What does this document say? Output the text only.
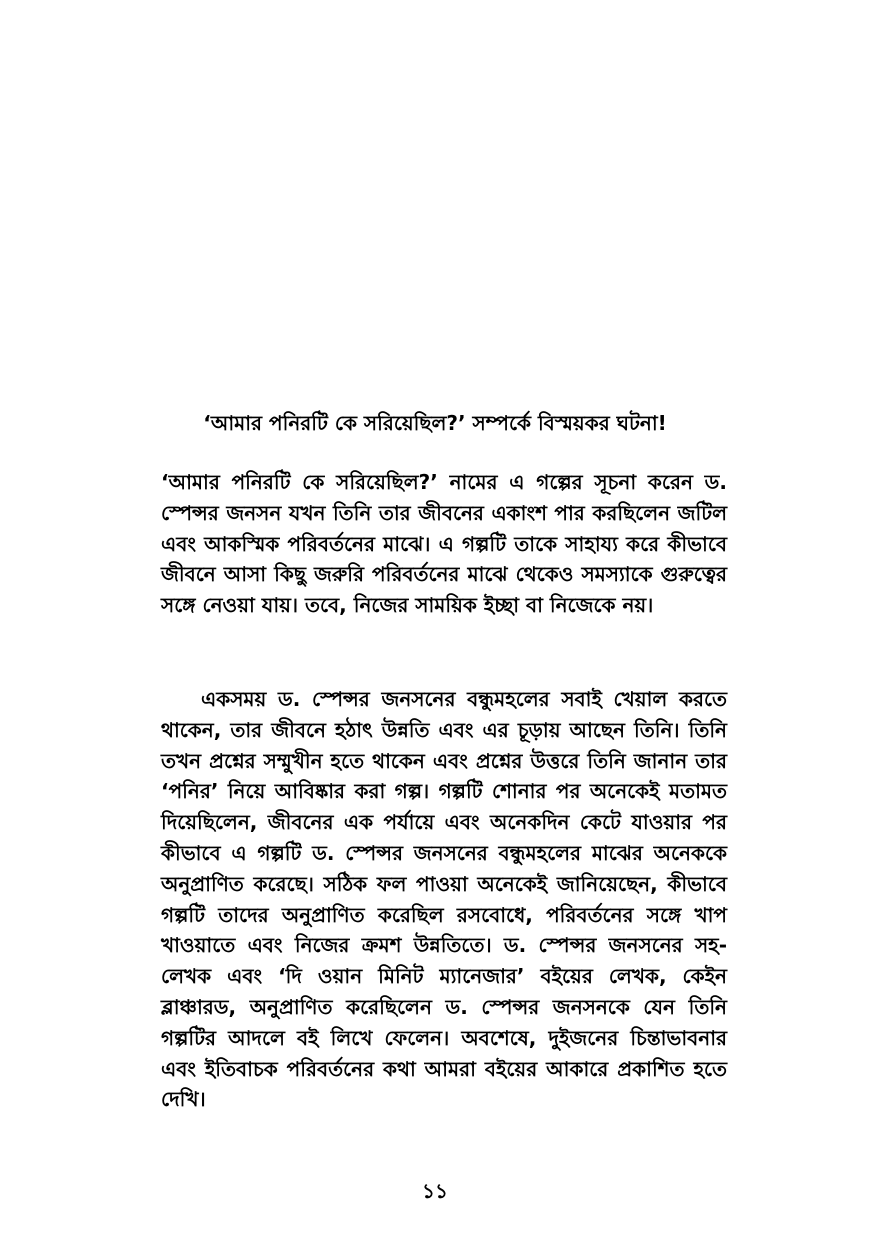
‘আমার পনিরটি কে সরিয়েছিল?’ সম্পর্কে বিস্ময়কর ঘটনা!

‘আমার পনিরটি কে সরিয়েছিল?’ নামের এ গল্পের সূচনা করেন ড. স্পেন্সর জনসন যখন তিনি তার জীবনের একাংশ পার করছিলেন জটিল এবং আকস্মিক পরিবর্তনের মাঝে। এ গল্পটি তাকে সাহায্য করে কীভাবে জীবনে আসা কিছু জরুরি পরিবর্তনের মাঝে থেকেও সমস্যাকে গুরুত্বের সঙ্গে নেওয়া যায়। তবে, নিজের সাময়িক ইচ্ছা বা নিজেকে নয়।

একসময় ড. স্পেন্সর জনসনের বন্ধুমহলের সবাই খেয়াল করতে থাকেন, তার জীবনে হঠাৎ উন্নতি এবং এর চূড়ায় আছেন তিনি। তিনি তখন প্রশ্নের সম্মুখীন হতে থাকেন এবং প্রশ্নের উত্তরে তিনি জানান তার ‘পনির’ নিয়ে আবিষ্কার করা গল্প। গল্পটি শোনার পর অনেকেই মতামত দিয়েছিলেন, জীবনের এক পর্যায়ে এবং অনেকদিন কেটে যাওয়ার পর কীভাবে এ গল্পটি ড. স্পেন্সর জনসনের বন্ধুমহলের মাঝের অনেককে অনুপ্রাণিত করেছে। সঠিক ফল পাওয়া অনেকেই জানিয়েছেন, কীভাবে গল্পটি তাদের অনুপ্রাণিত করেছিল রসবোধে, পরিবর্তনের সঙ্গে খাপ খাওয়াতে এবং নিজের ক্রমশ উন্নতিতে। ড. স্পেন্সর জনসনের সহ-লেখক এবং ‘দি ওয়ান মিনিট ম্যানেজার’ বইয়ের লেখক, কেইন ব্লাঞ্চারড, অনুপ্রাণিত করেছিলেন ড. স্পেন্সর জনসনকে যেন তিনি গল্পটির আদলে বই লিখে ফেলেন। অবশেষে, দুইজনের চিন্তাভাবনার এবং ইতিবাচক পরিবর্তনের কথা আমরা বইয়ের আকারে প্রকাশিত হতে দেখি।

১১
